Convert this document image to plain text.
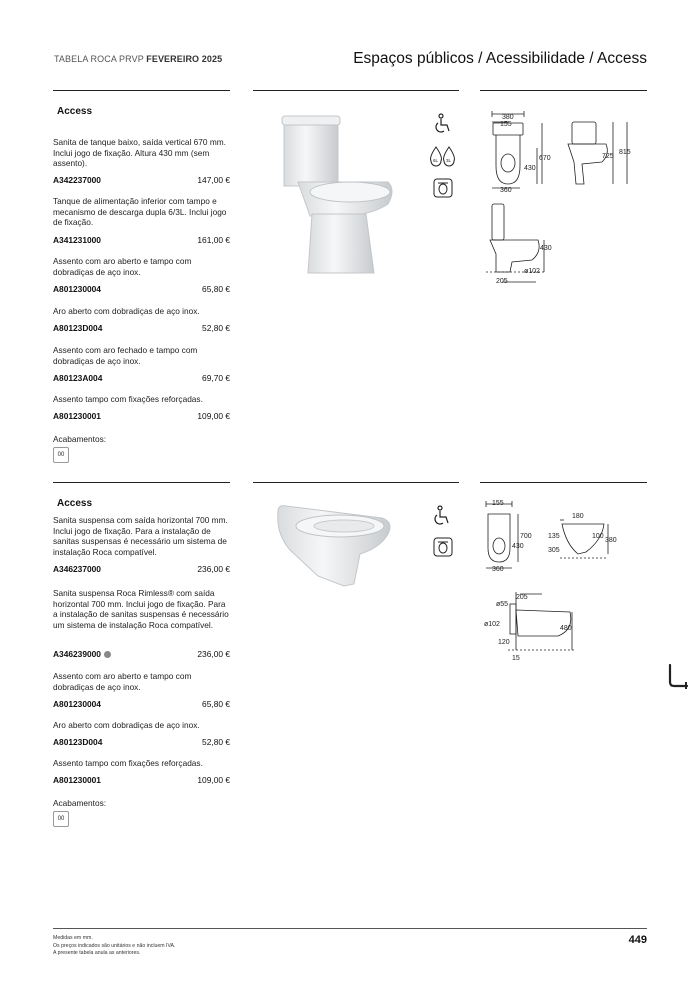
TABELA ROCA PRVP FEVEREIRO 2025	Espaços públicos / Acessibilidade / Access
Access
Sanita de tanque baixo, saída vertical 670 mm. Inclui jogo de fixação. Altura 430 mm (sem assento).
A342237000	147,00 €
Tanque de alimentação inferior com tampo e mecanismo de descarga dupla 6/3L. Inclui jogo de fixação.
A341231000	161,00 €
Assento com aro aberto e tampo com dobradiças de aço inox.
A801230004	65,80 €
Aro aberto com dobradiças de aço inox.
A80123D004	52,80 €
Assento com aro fechado e tampo com dobradiças de aço inox.
A80123A004	69,70 €
Assento tampo com fixações reforçadas.
A801230001	109,00 €
Acabamentos:
00
6L 3L
380
155
670
430
360
725
815
430
ø102
205
Access
Sanita suspensa com saída horizontal 700 mm. Inclui jogo de fixação. Para a instalação de sanitas suspensas é necessário um sistema de instalação Roca compatível.
A346237000	236,00 €
Sanita suspensa Roca Rimless® com saída horizontal 700 mm. Inclui jogo de fixação. Para a instalação de sanitas suspensas é necessário um sistema de instalação Roca compatível.
A346239000	236,00 €
Assento com aro aberto e tampo com dobradiças de aço inox.
A801230004	65,80 €
Aro aberto com dobradiças de aço inox.
A80123D004	52,80 €
Assento tampo com fixações reforçadas.
A801230001	109,00 €
Acabamentos:
00
155
700
430
360
180
135	100
380
305
205
ø55
ø102
480
120
15
Medidas em mm.
Os preços indicados são unitários e não incluem IVA.
A presente tabela anula as anteriores.
449
